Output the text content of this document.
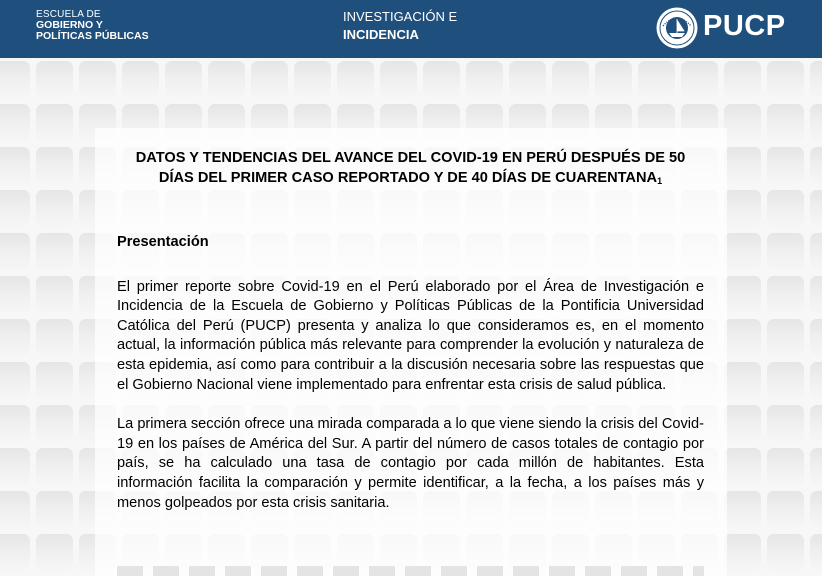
ESCUELA DE
GOBIERNO Y
POLÍTICAS PÚBLICAS
INVESTIGACIÓN E
INCIDENCIA	PUCP
DATOS Y TENDENCIAS DEL AVANCE DEL COVID-19 EN PERÚ DESPUÉS DE 50 DÍAS DEL PRIMER CASO REPORTADO Y DE 40 DÍAS DE $CUARENTANA_1$
Presentación

El primer reporte sobre Covid-19 en el Perú elaborado por el Área de Investigación e Incidencia de la Escuela de Gobierno y Políticas Públicas de la Pontificia Universidad Católica del Perú (PUCP) presenta y analiza lo que consideramos es, en el momento actual, la información pública más relevante para comprender la evolución y naturaleza de esta epidemia, así como para contribuir a la discusión necesaria sobre las respuestas que el Gobierno Nacional viene implementado para enfrentar esta crisis de salud pública.

La primera sección ofrece una mirada comparada a lo que viene siendo la crisis del Covid-19 en los países de América del Sur. A partir del número de casos totales de contagio por país, se ha calculado una tasa de contagio por cada millón de habitantes. Esta información facilita la comparación y permite identificar, a la fecha, a los países más y menos golpeados por esta crisis sanitaria.
